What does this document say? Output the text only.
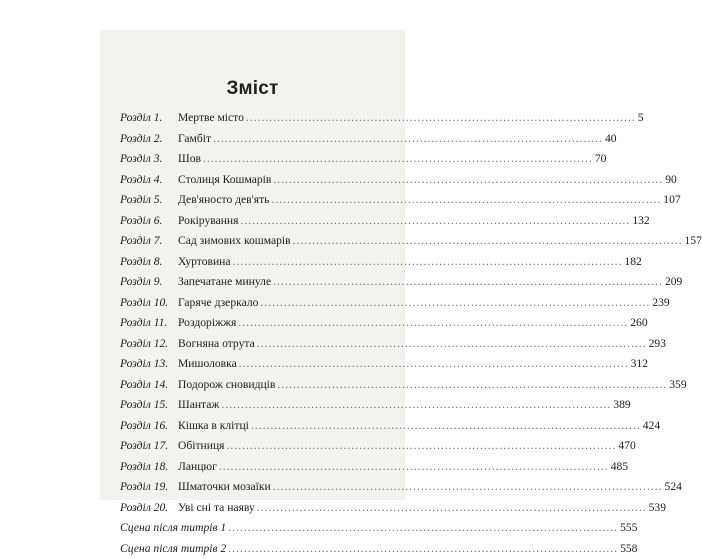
Зміст
Розділ 1.	Мертве місто .....	5
Розділ 2.	Гамбіт .....	40
Розділ 3.	Шов .....	70
Розділ 4.	Столиця Кошмарів .....	90
Розділ 5.	Дев'яносто дев'ять .....	107
Розділ 6.	Рокірування .....	132
Розділ 7.	Сад зимових кошмарів .....	157
Розділ 8.	Хуртовина .....	182
Розділ 9.	Запечатане минуле .....	209
Розділ 10. Гаряче дзеркало .....	239
Розділ 11. Роздоріжжя .....	260
Розділ 12. Вогняна отрута .....	293
Розділ 13. Мишоловка .....	312
Розділ 14. Подорож сновидців .....	359
Розділ 15. Шантаж .....	389
Розділ 16. Кішка в клітці .....	424
Розділ 17. Обітниця .....	470
Розділ 18. Ланцюг .....	485
Розділ 19. Шматочки мозаїки .....	524
Розділ 20. Уві сні та наяву .....	539
Сцена після титрів 1 .....	555
Сцена після титрів 2 .....	558
